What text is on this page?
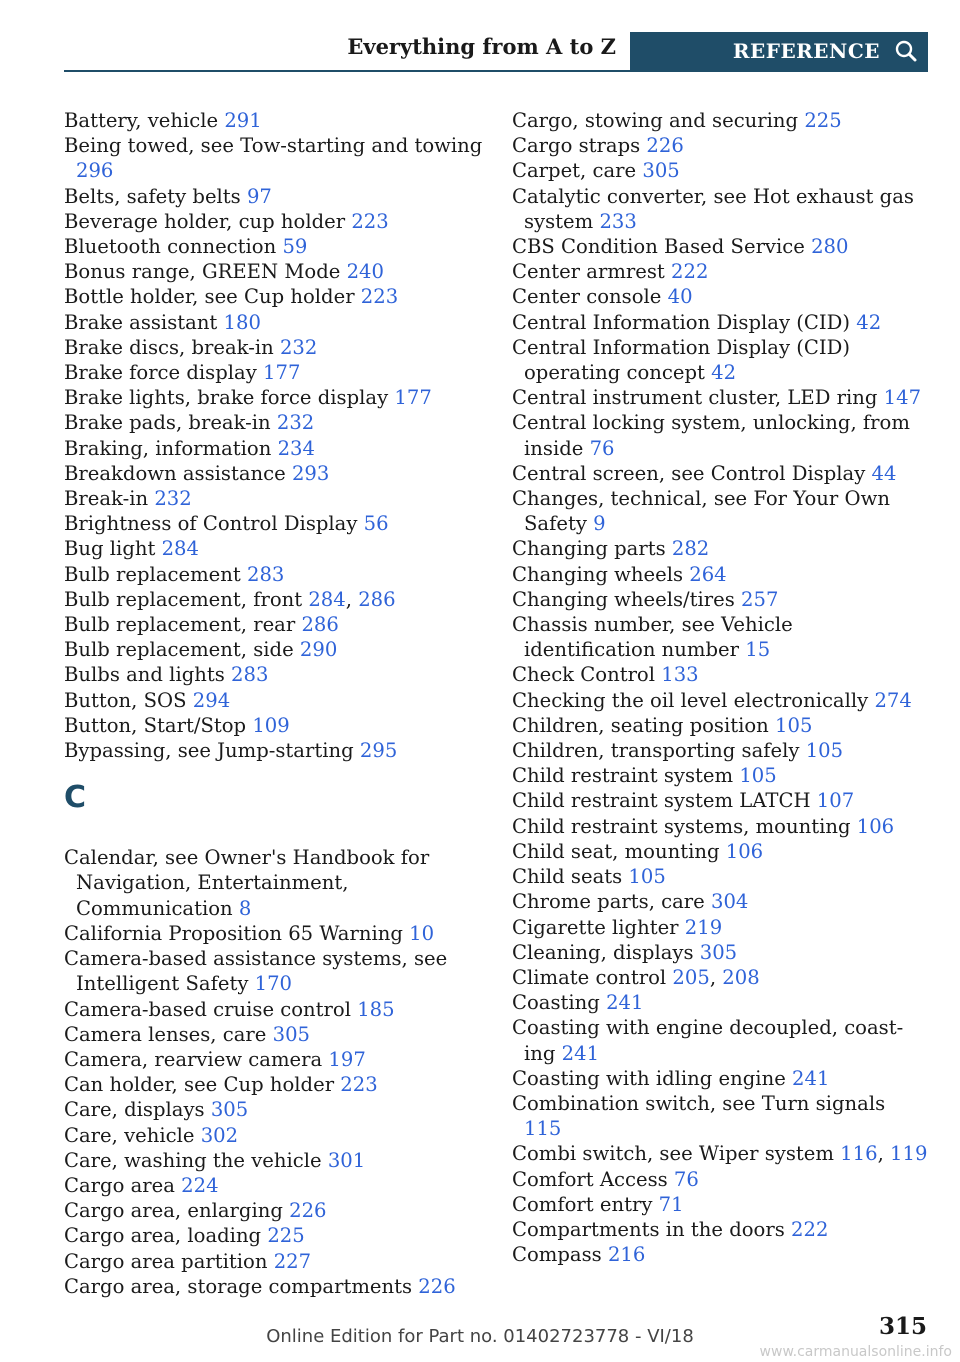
Everything from A to Z	REFERENCE
Battery, vehicle 291
Being towed, see Tow-starting and towing 296
Belts, safety belts 97
Beverage holder, cup holder 223
Bluetooth connection 59
Bonus range, GREEN Mode 240
Bottle holder, see Cup holder 223
Brake assistant 180
Brake discs, break-in 232
Brake force display 177
Brake lights, brake force display 177
Brake pads, break-in 232
Braking, information 234
Breakdown assistance 293
Break-in 232
Brightness of Control Display 56
Bug light 284
Bulb replacement 283
Bulb replacement, front 284, 286
Bulb replacement, rear 286
Bulb replacement, side 290
Bulbs and lights 283
Button, SOS 294
Button, Start/Stop 109
Bypassing, see Jump-starting 295
C
Calendar, see Owner's Handbook for Navigation, Entertainment, Communication 8
California Proposition 65 Warning 10
Camera-based assistance systems, see Intelligent Safety 170
Camera-based cruise control 185
Camera lenses, care 305
Camera, rearview camera 197
Can holder, see Cup holder 223
Care, displays 305
Care, vehicle 302
Care, washing the vehicle 301
Cargo area 224
Cargo area, enlarging 226
Cargo area, loading 225
Cargo area partition 227
Cargo area, storage compartments 226
Cargo, stowing and securing 225
Cargo straps 226
Carpet, care 305
Catalytic converter, see Hot exhaust gas system 233
CBS Condition Based Service 280
Center armrest 222
Center console 40
Central Information Display (CID) 42
Central Information Display (CID) operating concept 42
Central instrument cluster, LED ring 147
Central locking system, unlocking, from inside 76
Central screen, see Control Display 44
Changes, technical, see For Your Own Safety 9
Changing parts 282
Changing wheels 264
Changing wheels/tires 257
Chassis number, see Vehicle identification number 15
Check Control 133
Checking the oil level electronically 274
Children, seating position 105
Children, transporting safely 105
Child restraint system 105
Child restraint system LATCH 107
Child restraint systems, mounting 106
Child seat, mounting 106
Child seats 105
Chrome parts, care 304
Cigarette lighter 219
Cleaning, displays 305
Climate control 205, 208
Coasting 241
Coasting with engine decoupled, coasting 241
Coasting with idling engine 241
Combination switch, see Turn signals 115
Combi switch, see Wiper system 116, 119
Comfort Access 76
Comfort entry 71
Compartments in the doors 222
Compass 216
315
Online Edition for Part no. 01402723778 - VI/18
www.carmanualsonline.info
